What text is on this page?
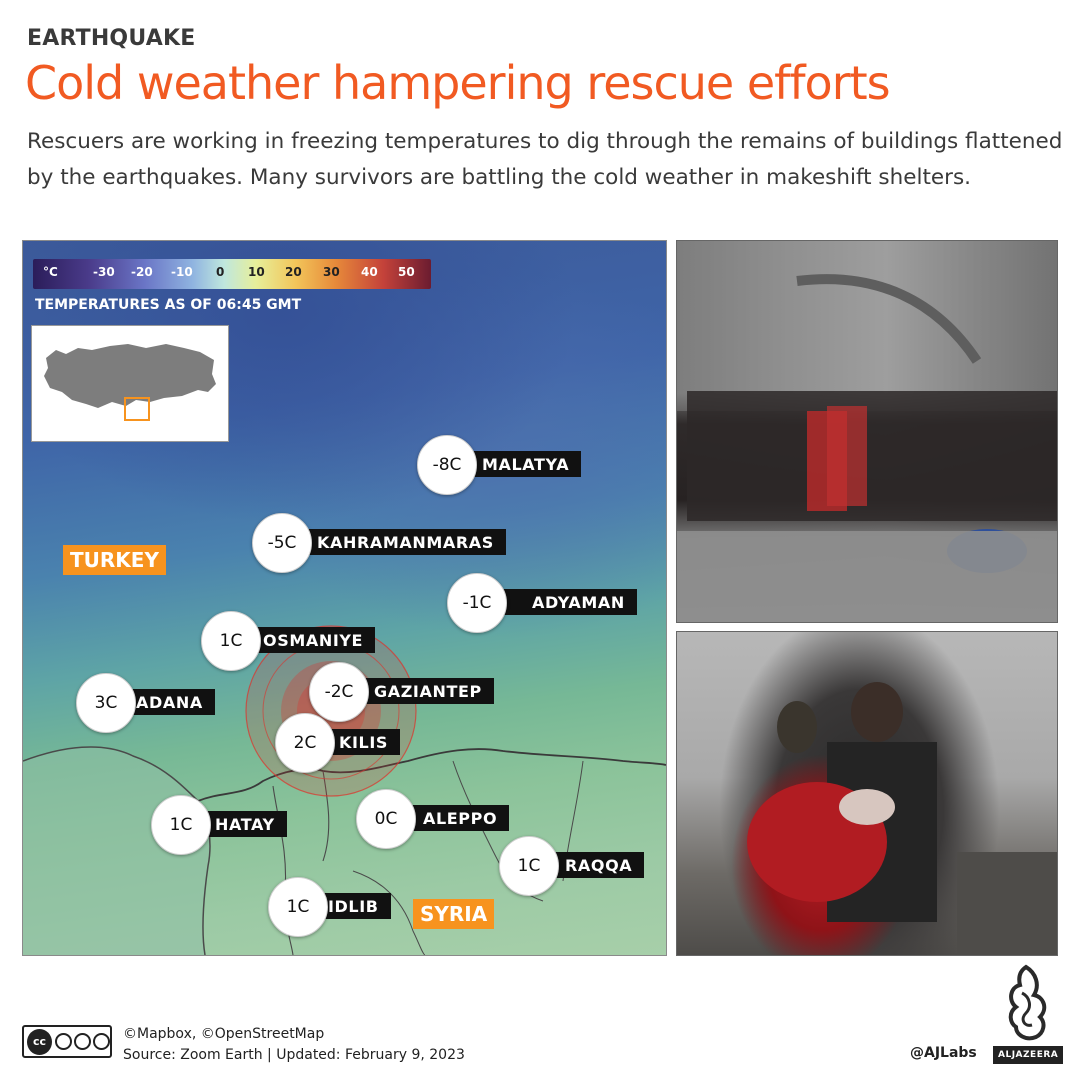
EARTHQUAKE
Cold weather hampering rescue efforts
Rescuers are working in freezing temperatures to dig through the remains of buildings flattened by the earthquakes. Many survivors are battling the cold weather in makeshift shelters.
°C	-30 -20 -10 0 10 20 30 40 50
TEMPERATURES AS OF 06:45 GMT
TURKEY
SYRIA
-8C	MALATYA
-5C	KAHRAMANMARAS
-1C	ADYAMAN
1C	OSMANIYE
-2C	GAZIANTEP
3C	ADANA
2C	KILIS
1C	HATAY	0C	ALEPPO
1C	RAQQA
1C	IDLIB
cc	©Mapbox, ©OpenStreetMap
Source: Zoom Earth | Updated: February 9, 2023	@AJLabs	ALJAZEERA
